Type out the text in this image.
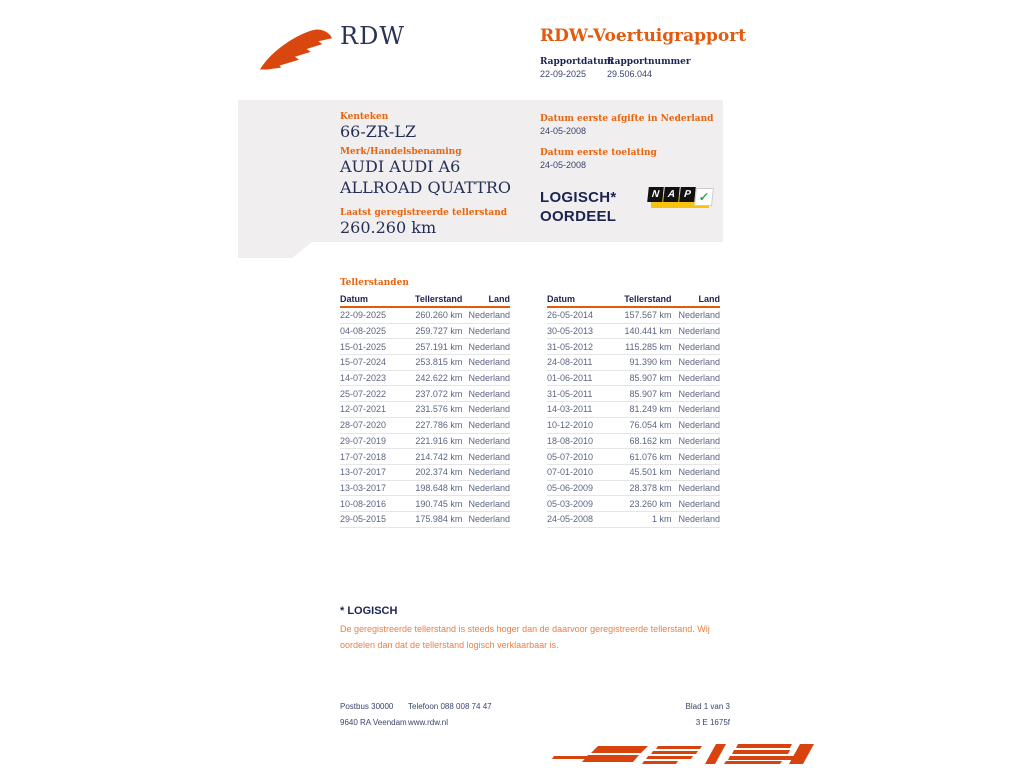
RDW	RDW-Voertuigrapport
Rapportdatum
22-09-2025
Rapportnummer
29.506.044
Kenteken
66-ZR-LZ
Merk/Handelsbenaming
AUDI AUDI A6
ALLROAD QUATTRO
Laatst geregistreerde tellerstand
260.260 km
Datum eerste afgifte in Nederland
24-05-2008
Datum eerste toelating
24-05-2008
LOGISCH*
OORDEEL
N A P ✓
Tellerstanden
Datum	Tellerstand	Land
22-09-2025	260.260 km Nederland
04-08-2025	259.727 km Nederland
15-01-2025	257.191 km Nederland
15-07-2024	253.815 km Nederland
14-07-2023	242.622 km Nederland
25-07-2022	237.072 km Nederland
12-07-2021	231.576 km Nederland
28-07-2020	227.786 km Nederland
29-07-2019	221.916 km Nederland
17-07-2018	214.742 km Nederland
13-07-2017	202.374 km Nederland
13-03-2017	198.648 km Nederland
10-08-2016	190.745 km Nederland
29-05-2015	175.984 km Nederland
Datum	Tellerstand	Land
26-05-2014	157.567 km Nederland
30-05-2013	140.441 km Nederland
31-05-2012	115.285 km Nederland
24-08-2011	91.390 km Nederland
01-06-2011	85.907 km Nederland
31-05-2011	85.907 km Nederland
14-03-2011	81.249 km Nederland
10-12-2010	76.054 km Nederland
18-08-2010	68.162 km Nederland
05-07-2010	61.076 km Nederland
07-01-2010	45.501 km Nederland
05-06-2009	28.378 km Nederland
05-03-2009	23.260 km Nederland
24-05-2008	1 km Nederland
* LOGISCH
De geregistreerde tellerstand is steeds hoger dan de daarvoor geregistreerde tellerstand. Wij oordelen dan dat de tellerstand logisch verklaarbaar is.
Postbus 30000
9640 RA Veendam
Telefoon 088 008 74 47
www.rdw.nl
Blad 1 van 3
3 E 1675f
